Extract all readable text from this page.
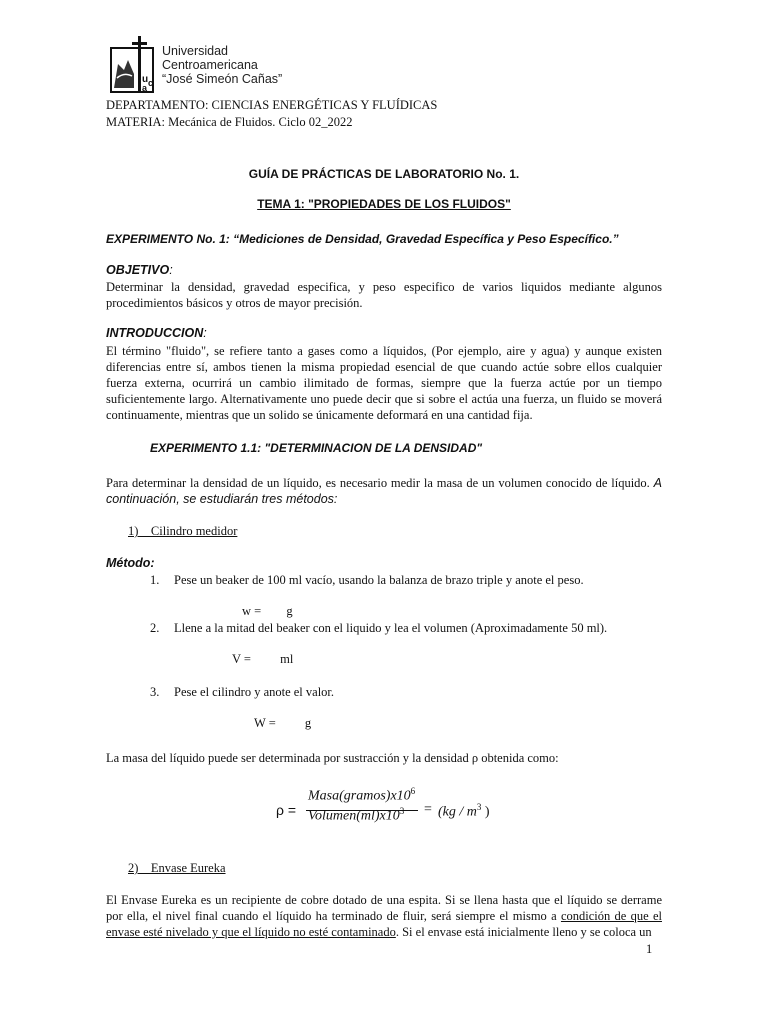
u
a c
Universidad
Centroamericana
“José Simeón Cañas”
DEPARTAMENTO: CIENCIAS ENERGÉTICAS Y FLUÍDICAS
MATERIA: Mecánica de Fluidos. Ciclo 02_2022
GUÍA DE PRÁCTICAS DE LABORATORIO No. 1.
TEMA 1: "PROPIEDADES DE LOS FLUIDOS"
EXPERIMENTO No. 1: “Mediciones de Densidad, Gravedad Específica y Peso Específico.”
OBJETIVO:
Determinar la densidad, gravedad especifica, y peso especifico de varios liquidos mediante algunos procedimientos básicos y otros de mayor precisión.
INTRODUCCION:
El término "fluido", se refiere tanto a gases como a líquidos, (Por ejemplo, aire y agua) y aunque existen diferencias entre sí, ambos tienen la misma propiedad esencial de que cuando actúe sobre ellos cualquier fuerza externa, ocurrirá un cambio ilimitado de formas, siempre que la fuerza actúe por un tiempo suficientemente largo. Alternativamente uno puede decir que si sobre el actúa una fuerza, un fluido se moverá continuamente, mientras que un solido se únicamente deformará en una cantidad fija.
EXPERIMENTO 1.1: "DETERMINACION DE LA DENSIDAD"
Para determinar la densidad de un líquido, es necesario medir la masa de un volumen conocido de líquido. A continuación, se estudiarán tres métodos:
1)    Cilindro medidor
Método:
1. Pese un beaker de 100 ml vacío, usando la balanza de brazo triple y anote el peso.
w = g
2. Llene a la mitad del beaker con el liquido y lea el volumen (Aproximadamente 50 ml).
V = ml
3. Pese el cilindro y anote el valor.
W = g
La masa del líquido puede ser determinada por sustracción y la densidad ρ obtenida como:
ρ =
$Masa(gramos)x10^6$
$Volumen(ml)x10^3 = (kg / m^3$ )
2)    Envase Eureka
El Envase Eureka es un recipiente de cobre dotado de una espita. Si se llena hasta que el líquido se derrame por ella, el nivel final cuando el líquido ha terminado de fluir, será siempre el mismo a condición de que el envase esté nivelado y que el líquido no esté contaminado. Si el envase está inicialmente lleno y se coloca un
1
